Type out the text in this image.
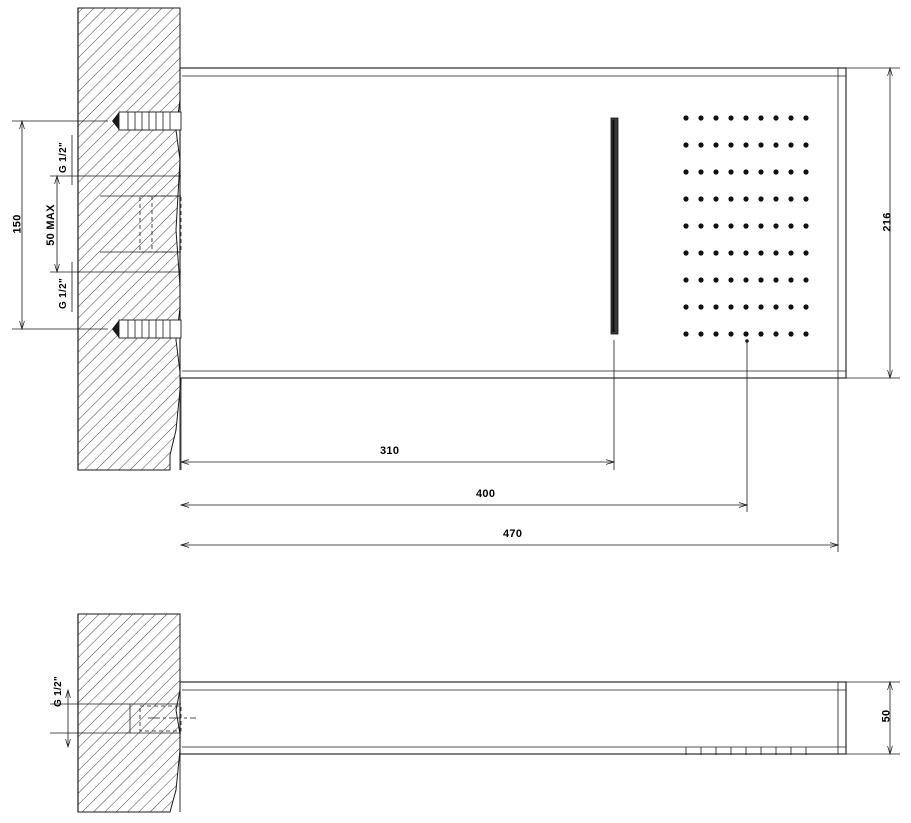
150 50 MAX
G 1/2"
G 1/2"
216
310
400
470
G 1/2"
50
